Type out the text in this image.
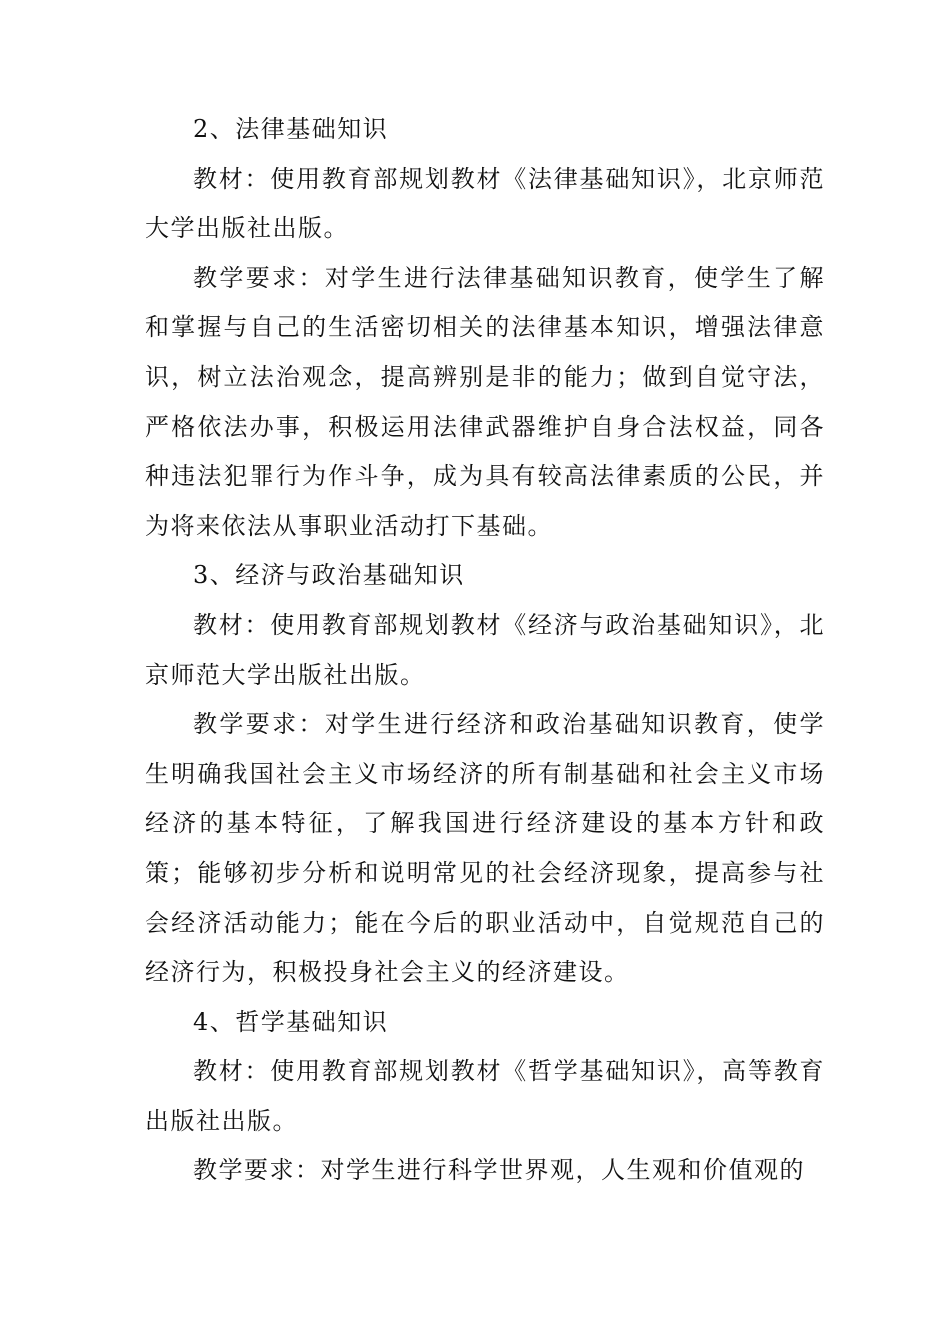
2、法律基础知识

教材：使用教育部规划教材《法律基础知识》，北京师范大学出版社出版。

教学要求：对学生进行法律基础知识教育，使学生了解和掌握与自己的生活密切相关的法律基本知识，增强法律意识，树立法治观念，提高辨别是非的能力；做到自觉守法，严格依法办事，积极运用法律武器维护自身合法权益，同各种违法犯罪行为作斗争，成为具有较高法律素质的公民，并为将来依法从事职业活动打下基础。

3、经济与政治基础知识

教材：使用教育部规划教材《经济与政治基础知识》，北京师范大学出版社出版。

教学要求：对学生进行经济和政治基础知识教育，使学生明确我国社会主义市场经济的所有制基础和社会主义市场经济的基本特征，了解我国进行经济建设的基本方针和政策；能够初步分析和说明常见的社会经济现象，提高参与社会经济活动能力；能在今后的职业活动中，自觉规范自己的经济行为，积极投身社会主义的经济建设。

4、哲学基础知识

教材：使用教育部规划教材《哲学基础知识》，高等教育出版社出版。

教学要求：对学生进行科学世界观，人生观和价值观的
